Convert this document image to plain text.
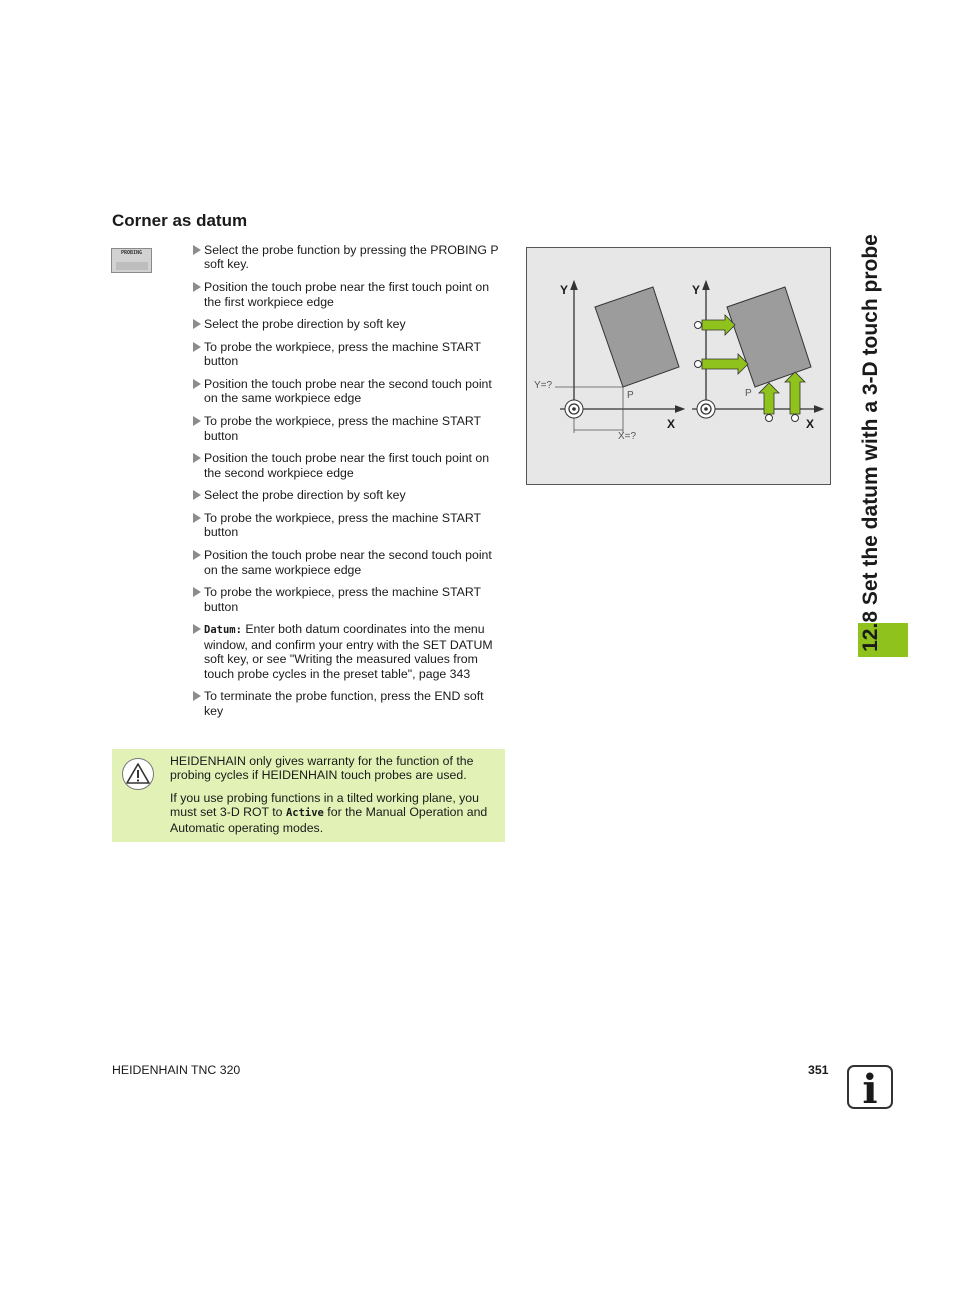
Corner as datum
PROBING	Select the probe function by pressing the PROBING P soft key.
Position the touch probe near the first touch point on the first workpiece edge
Select the probe direction by soft key
To probe the workpiece, press the machine START button
Position the touch probe near the second touch point on the same workpiece edge
To probe the workpiece, press the machine START button
Position the touch probe near the first touch point on the second workpiece edge
Select the probe direction by soft key
To probe the workpiece, press the machine START button
Position the touch probe near the second touch point on the same workpiece edge
To probe the workpiece, press the machine START button
Datum: Enter both datum coordinates into the menu window, and confirm your entry with the SET DATUM soft key, or see "Writing the measured values from touch probe cycles in the preset table", page 343
To terminate the probe function, press the END soft key
Y
X
P
Y=?
X=?
Y
X
P

HEIDENHAIN only gives warranty for the function of the probing cycles if HEIDENHAIN touch probes are used.

If you use probing functions in a tilted working plane, you must set 3-D ROT to Active for the Manual Operation and Automatic operating modes.

12.8 Set the datum with a 3-D touch probe
HEIDENHAIN TNC 320	351 i
